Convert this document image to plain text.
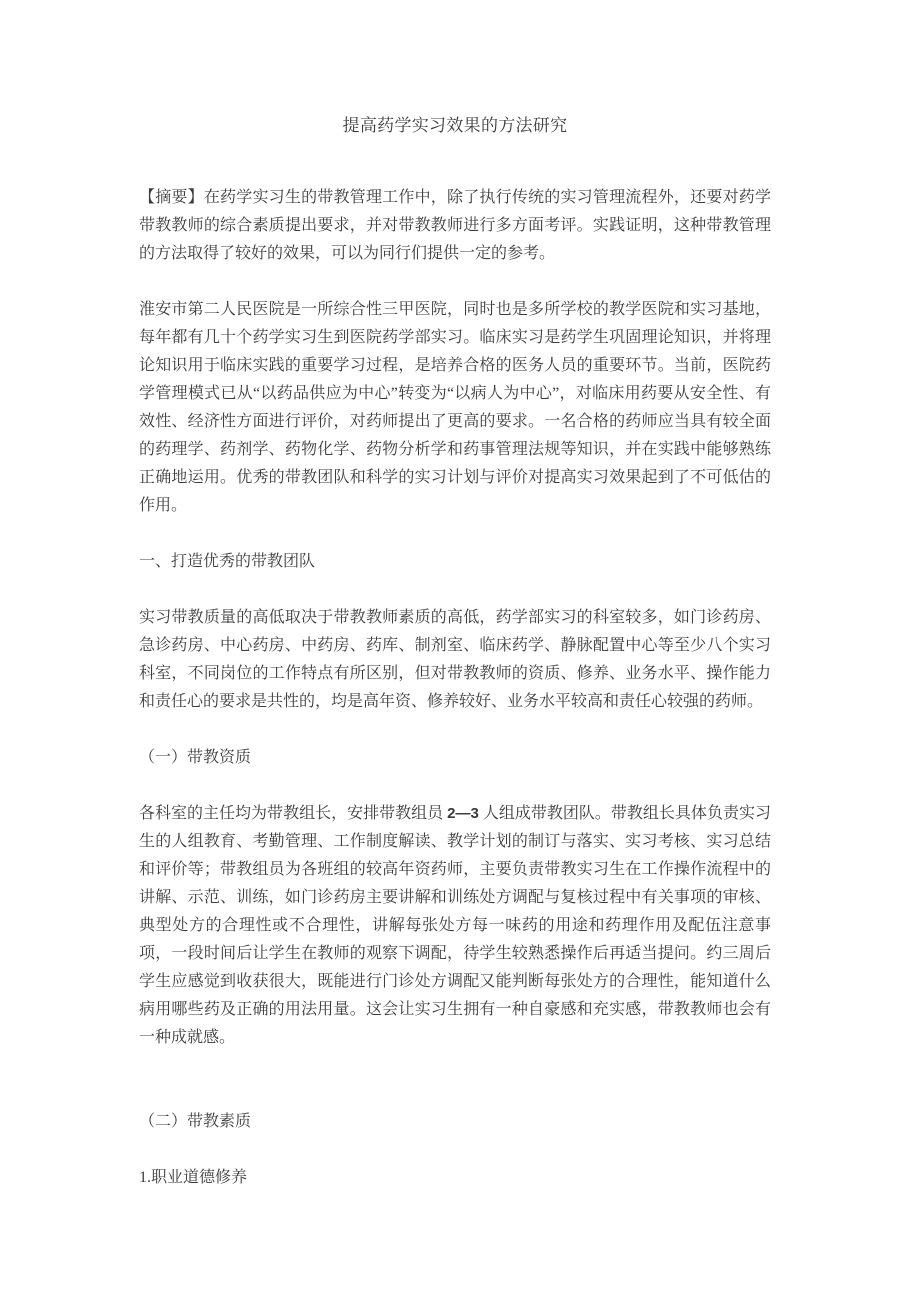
提高药学实习效果的方法研究

【摘要】在药学实习生的带教管理工作中，除了执行传统的实习管理流程外，还要对药学带教教师的综合素质提出要求，并对带教教师进行多方面考评。实践证明，这种带教管理的方法取得了较好的效果，可以为同行们提供一定的参考。

淮安市第二人民医院是一所综合性三甲医院，同时也是多所学校的教学医院和实习基地，每年都有几十个药学实习生到医院药学部实习。临床实习是药学生巩固理论知识，并将理论知识用于临床实践的重要学习过程，是培养合格的医务人员的重要环节。当前，医院药学管理模式已从“以药品供应为中心”转变为“以病人为中心”，对临床用药要从安全性、有效性、经济性方面进行评价，对药师提出了更高的要求。一名合格的药师应当具有较全面的药理学、药剂学、药物化学、药物分析学和药事管理法规等知识，并在实践中能够熟练正确地运用。优秀的带教团队和科学的实习计划与评价对提高实习效果起到了不可低估的作用。

一、打造优秀的带教团队

实习带教质量的高低取决于带教教师素质的高低，药学部实习的科室较多，如门诊药房、急诊药房、中心药房、中药房、药库、制剂室、临床药学、静脉配置中心等至少八个实习科室，不同岗位的工作特点有所区别，但对带教教师的资质、修养、业务水平、操作能力和责任心的要求是共性的，均是高年资、修养较好、业务水平较高和责任心较强的药师。

（一）带教资质

各科室的主任均为带教组长，安排带教组员 2—3 人组成带教团队。带教组长具体负责实习生的人组教育、考勤管理、工作制度解读、教学计划的制订与落实、实习考核、实习总结和评价等；带教组员为各班组的较高年资药师，主要负责带教实习生在工作操作流程中的讲解、示范、训练，如门诊药房主要讲解和训练处方调配与复核过程中有关事项的审核、典型处方的合理性或不合理性，讲解每张处方每一味药的用途和药理作用及配伍注意事项，一段时间后让学生在教师的观察下调配，待学生较熟悉操作后再适当提问。约三周后学生应感觉到收获很大，既能进行门诊处方调配又能判断每张处方的合理性，能知道什么病用哪些药及正确的用法用量。这会让实习生拥有一种自豪感和充实感，带教教师也会有一种成就感。

（二）带教素质

1.职业道德修养
